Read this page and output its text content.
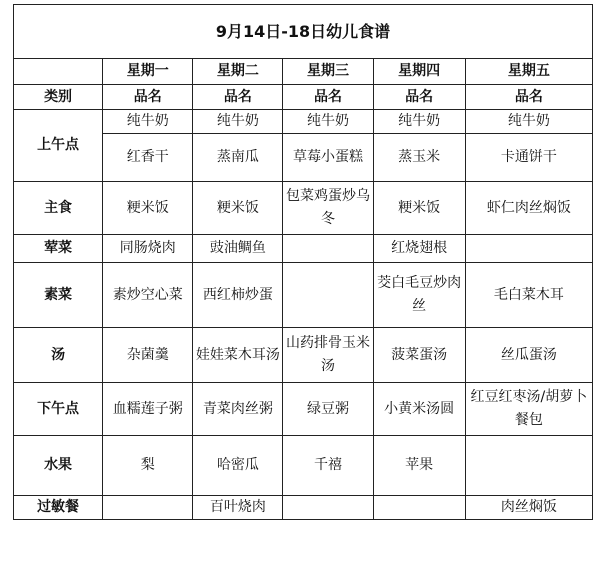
9月14日-18日幼儿食谱					
	星期一	星期二	星期三	星期四	星期五
类别	品名	品名	品名	品名	品名
上午点	纯牛奶	纯牛奶	纯牛奶	纯牛奶	纯牛奶
	红香干	蒸南瓜	草莓小蛋糕	蒸玉米	卡通饼干
主食	粳米饭	粳米饭	包菜鸡蛋炒乌冬	粳米饭	虾仁肉丝焖饭
荤菜	同肠烧肉	豉油鲷鱼		红烧翅根	
素菜	素炒空心菜	西红柿炒蛋		茭白毛豆炒肉丝	毛白菜木耳
汤	杂菌羹	娃娃菜木耳汤	山药排骨玉米汤	菠菜蛋汤	丝瓜蛋汤
下午点	血糯莲子粥	青菜肉丝粥	绿豆粥	小黄米汤圆	红豆红枣汤/胡萝卜餐包
水果	梨	哈密瓜	千禧	苹果	
过敏餐		百叶烧肉			肉丝焖饭
